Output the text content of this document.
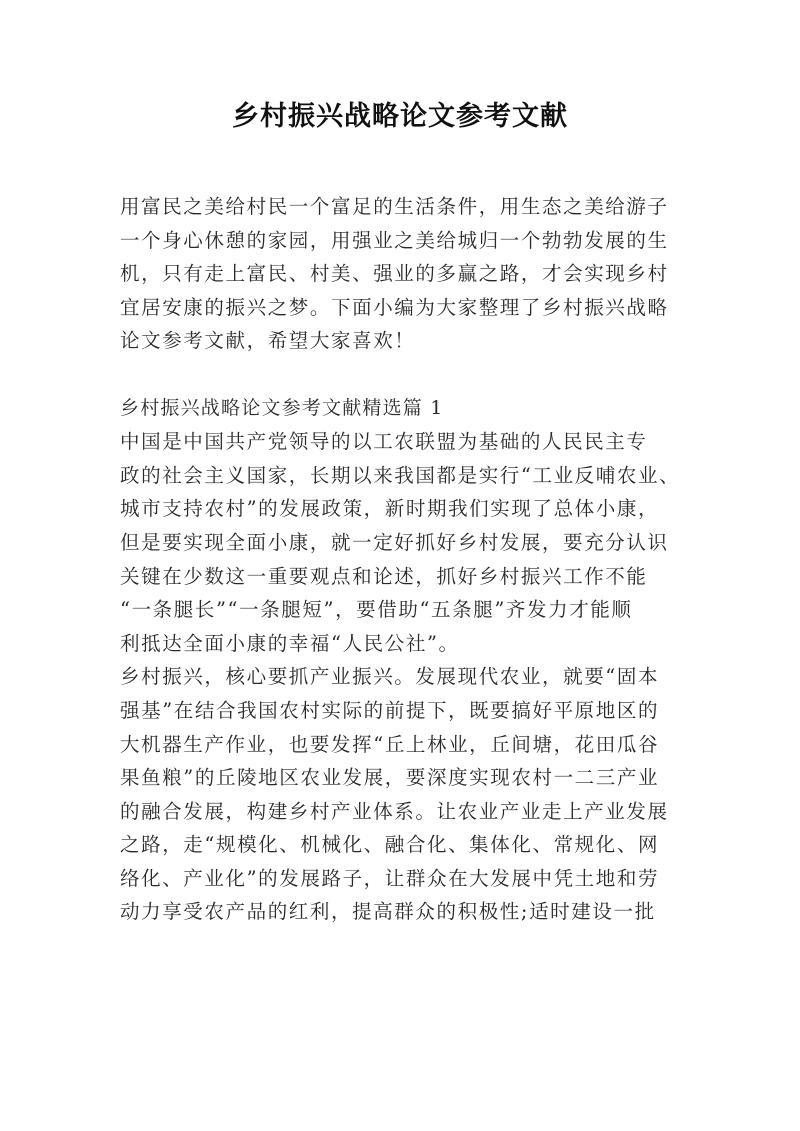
乡村振兴战略论文参考文献

用富民之美给村民一个富足的生活条件，用生态之美给游子
一个身心休憩的家园，用强业之美给城归一个勃勃发展的生
机，只有走上富民、村美、强业的多赢之路，才会实现乡村
宜居安康的振兴之梦。下面小编为大家整理了乡村振兴战略
论文参考文献，希望大家喜欢！

乡村振兴战略论文参考文献精选篇 1

中国是中国共产党领导的以工农联盟为基础的人民民主专
政的社会主义国家，长期以来我国都是实行“工业反哺农业、
城市支持农村”的发展政策，新时期我们实现了总体小康，
但是要实现全面小康，就一定好抓好乡村发展，要充分认识
关键在少数这一重要观点和论述，抓好乡村振兴工作不能
“一条腿长”“一条腿短”，要借助“五条腿”齐发力才能顺
利抵达全面小康的幸福“人民公社”。

乡村振兴，核心要抓产业振兴。发展现代农业，就要“固本
强基”在结合我国农村实际的前提下，既要搞好平原地区的
大机器生产作业，也要发挥“丘上林业，丘间塘，花田瓜谷
果鱼粮”的丘陵地区农业发展，要深度实现农村一二三产业
的融合发展，构建乡村产业体系。让农业产业走上产业发展
之路，走“规模化、机械化、融合化、集体化、常规化、网
络化、产业化”的发展路子，让群众在大发展中凭土地和劳
动力享受农产品的红利，提高群众的积极性;适时建设一批
